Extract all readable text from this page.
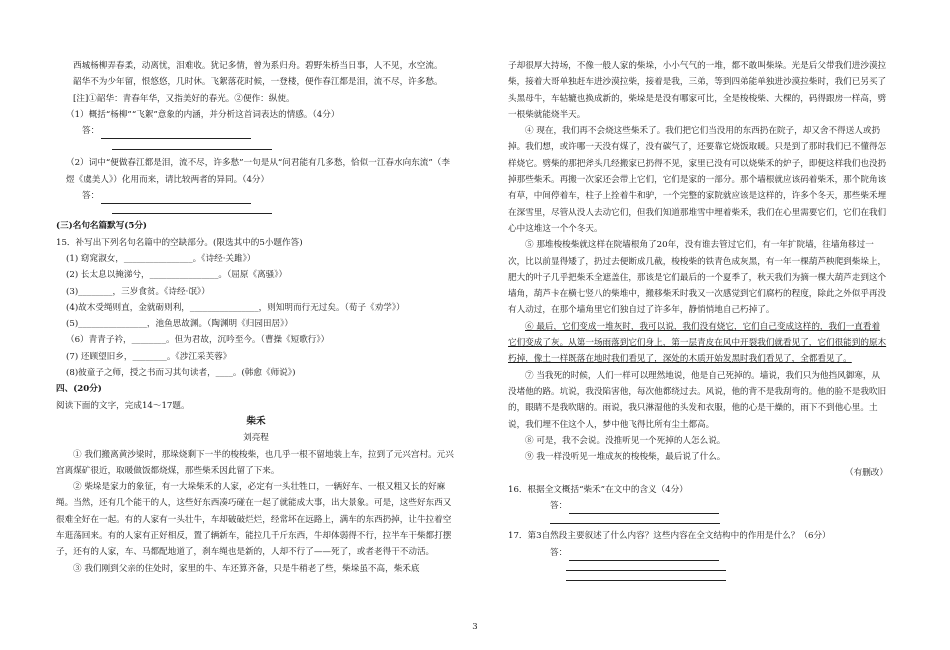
西城杨柳弄春柔，动离忧，泪难收。犹记多情，曾为系归舟。碧野朱桥当日事，人不见，水空流。

韶华不为少年留，恨悠悠，几时休。飞絮落花时候，一登楼，便作春江都是泪，流不尽，许多愁。

[注]①韶华：青春年华，又指美好的春光。②便作：纵使。

（1）概括“杨柳”“飞絮”意象的内涵，并分析这首词表达的情感。（4分）

答：

（2）词中“便做春江都是泪，流不尽，许多愁”一句是从“问君能有几多愁，恰似一江春水向东流”（李煜《虞美人》）化用而来，请比较两者的异同。（4分）

答：

(三)名句名篇默写(5分)

15．补写出下列名句名篇中的空缺部分。(限选其中的5小题作答)

(1) 窈窕淑女，________________。《诗经·关雎》）

(2) 长太息以掩涕兮，________________。（屈原《离骚》）

(3)________，三岁食贫。《诗经·氓》）

(4)故木受绳则直，金就砺则利，________________，则知明而行无过矣。（荀子《劝学》）

(5)________________，池鱼思故渊。（陶渊明《归园田居》）

（6）青青子衿，________。但为君故，沉吟至今。（曹操《短歌行》）

(7) 还顾望旧乡，________。《涉江采芙蓉》

(8)彼童子之师，授之书而习其句读者，____。(韩愈《师说》)

四、(20分)

阅读下面的文字，完成14～17题。

柴禾

刘亮程

① 我们搬离黄沙梁时，那垛烧剩下一半的梭梭柴，也几乎一根不留地装上车，拉到了元兴宫村。元兴宫离煤矿很近，取暖做饭都烧煤，那些柴禾因此留了下来。

② 柴垛是家力的象征，有一大垛柴禾的人家，必定有一头壮牲口，一辆好车、一根又粗又长的好麻绳。当然，还有几个能干的人，这些好东西凑巧碰在一起了就能成大事，出大景象。可是，这些好东西又很难全好在一起。有的人家有一头壮牛，车却破破烂烂，经常坏在远路上，满车的东西扔掉，让牛拉着空车逛荡回来。有的人家有正好相反，置了辆新车，能拉几千斤东西，牛却体弱得不行，拉半车干柴都打摆子，还有的人家，车、马都配地道了，刹车绳也是新的，人却不行了——死了，或者老得干不动活。

③ 我们刚到父亲的住处时，家里的牛、车还算齐备，只是牛稍老了些，柴垛虽不高，柴禾底

子却很厚大持场，不像一般人家的柴垛，小小气气的一堆，都不敢叫柴垛。光是后父带我们进沙漠拉柴，接着大哥单独赶车进沙漠拉柴，接着是我，三弟，等到四弟能单独进沙漠拉柴时，我们已另买了头黑母牛，车轱辘也换成新的，柴垛是是没有哪家可比，全是梭梭柴、大棵的，码得跟房一样高，劈一根柴就能烧半天。

④ 现在，我们再不会烧这些柴禾了。我们把它们当没用的东西扔在院子，却又舍不得送人或扔掉。我们想，或许哪一天没有煤了，没有碳气了，还要靠它烧饭取暖。只是到了那时我们已不懂得怎样烧它。劈柴的那把斧头几经搬家已扔得不见，家里已没有可以烧柴禾的炉子，即便这样我们也没扔掉那些柴禾。再搬一次家还会带上它们，它们是家的一部分。那个墙根就应该码着柴禾，那个院角该有草，中间停着车，柱子上拴着牛和驴，一个完整的家院就应该是这样的，许多个冬天，那些柴禾埋在深雪里，尽管从没人去动它们，但我们知道那堆雪中埋着柴禾，我们在心里需要它们，它们在我们心中这堆这一个个冬天。

⑤ 那堆梭梭柴就这样在院墙根角了20年，没有谁去管过它们，有一年扩院墙，往墙角移过一次，比以前显得矮了，扔过去便断成几截，梭梭柴的铁青色成灰黑，有一年一棵葫芦秧爬到柴垛上，肥大的叶子几乎把柴禾全遮盖住，那该是它们最后的一个夏季了，秋天我们为摘一棵大葫芦走到这个墙角，葫芦卡在横七竖八的柴堆中，搬移柴禾时我又一次感觉到它们腐朽的程度，除此之外似乎再没有人动过，在那个墙角里它们独自过了许多年，静悄悄地自己朽掉了。

⑥ 最后，它们变成一堆灰时，我可以说，我们没有烧它，它们自己变成这样的，我们一直看着它们变成了灰。从第一场雨落到它们身上，第一层青皮在风中开裂我们就看见了，它们很能到的原木朽掉，像土一样既落在地时我们看见了，深处的木质开始发黑时我们看见了，全都看见了。

⑦ 当我死的时候，人们一样可以理然地说，他是自己死掉的。墙说，我们只为他挡风御寒，从没堵他的路。坑说，我没陷害他，每次他都绕过去。风说，他的背不是我刮弯的。他的脸不是我吹旧的，眼睛不是我吹瞎的。雨说，我只淋湿他的头发和衣服，他的心是干燥的，雨下不到他心里。土说，我们埋不住这个人，梦中他飞得比所有尘土都高。

⑧ 可是，我不会说。没推听见一个死掉的人怎么说。

⑨ 我一样没听见一堆成灰的梭梭柴，最后说了什么。

（有删改）

16．根据全文概括“柴禾”在文中的含义（4分）

答：

17．第3自然段主要叙述了什么内容？这些内容在全文结构中的作用是什么？（6分）

答：
3
